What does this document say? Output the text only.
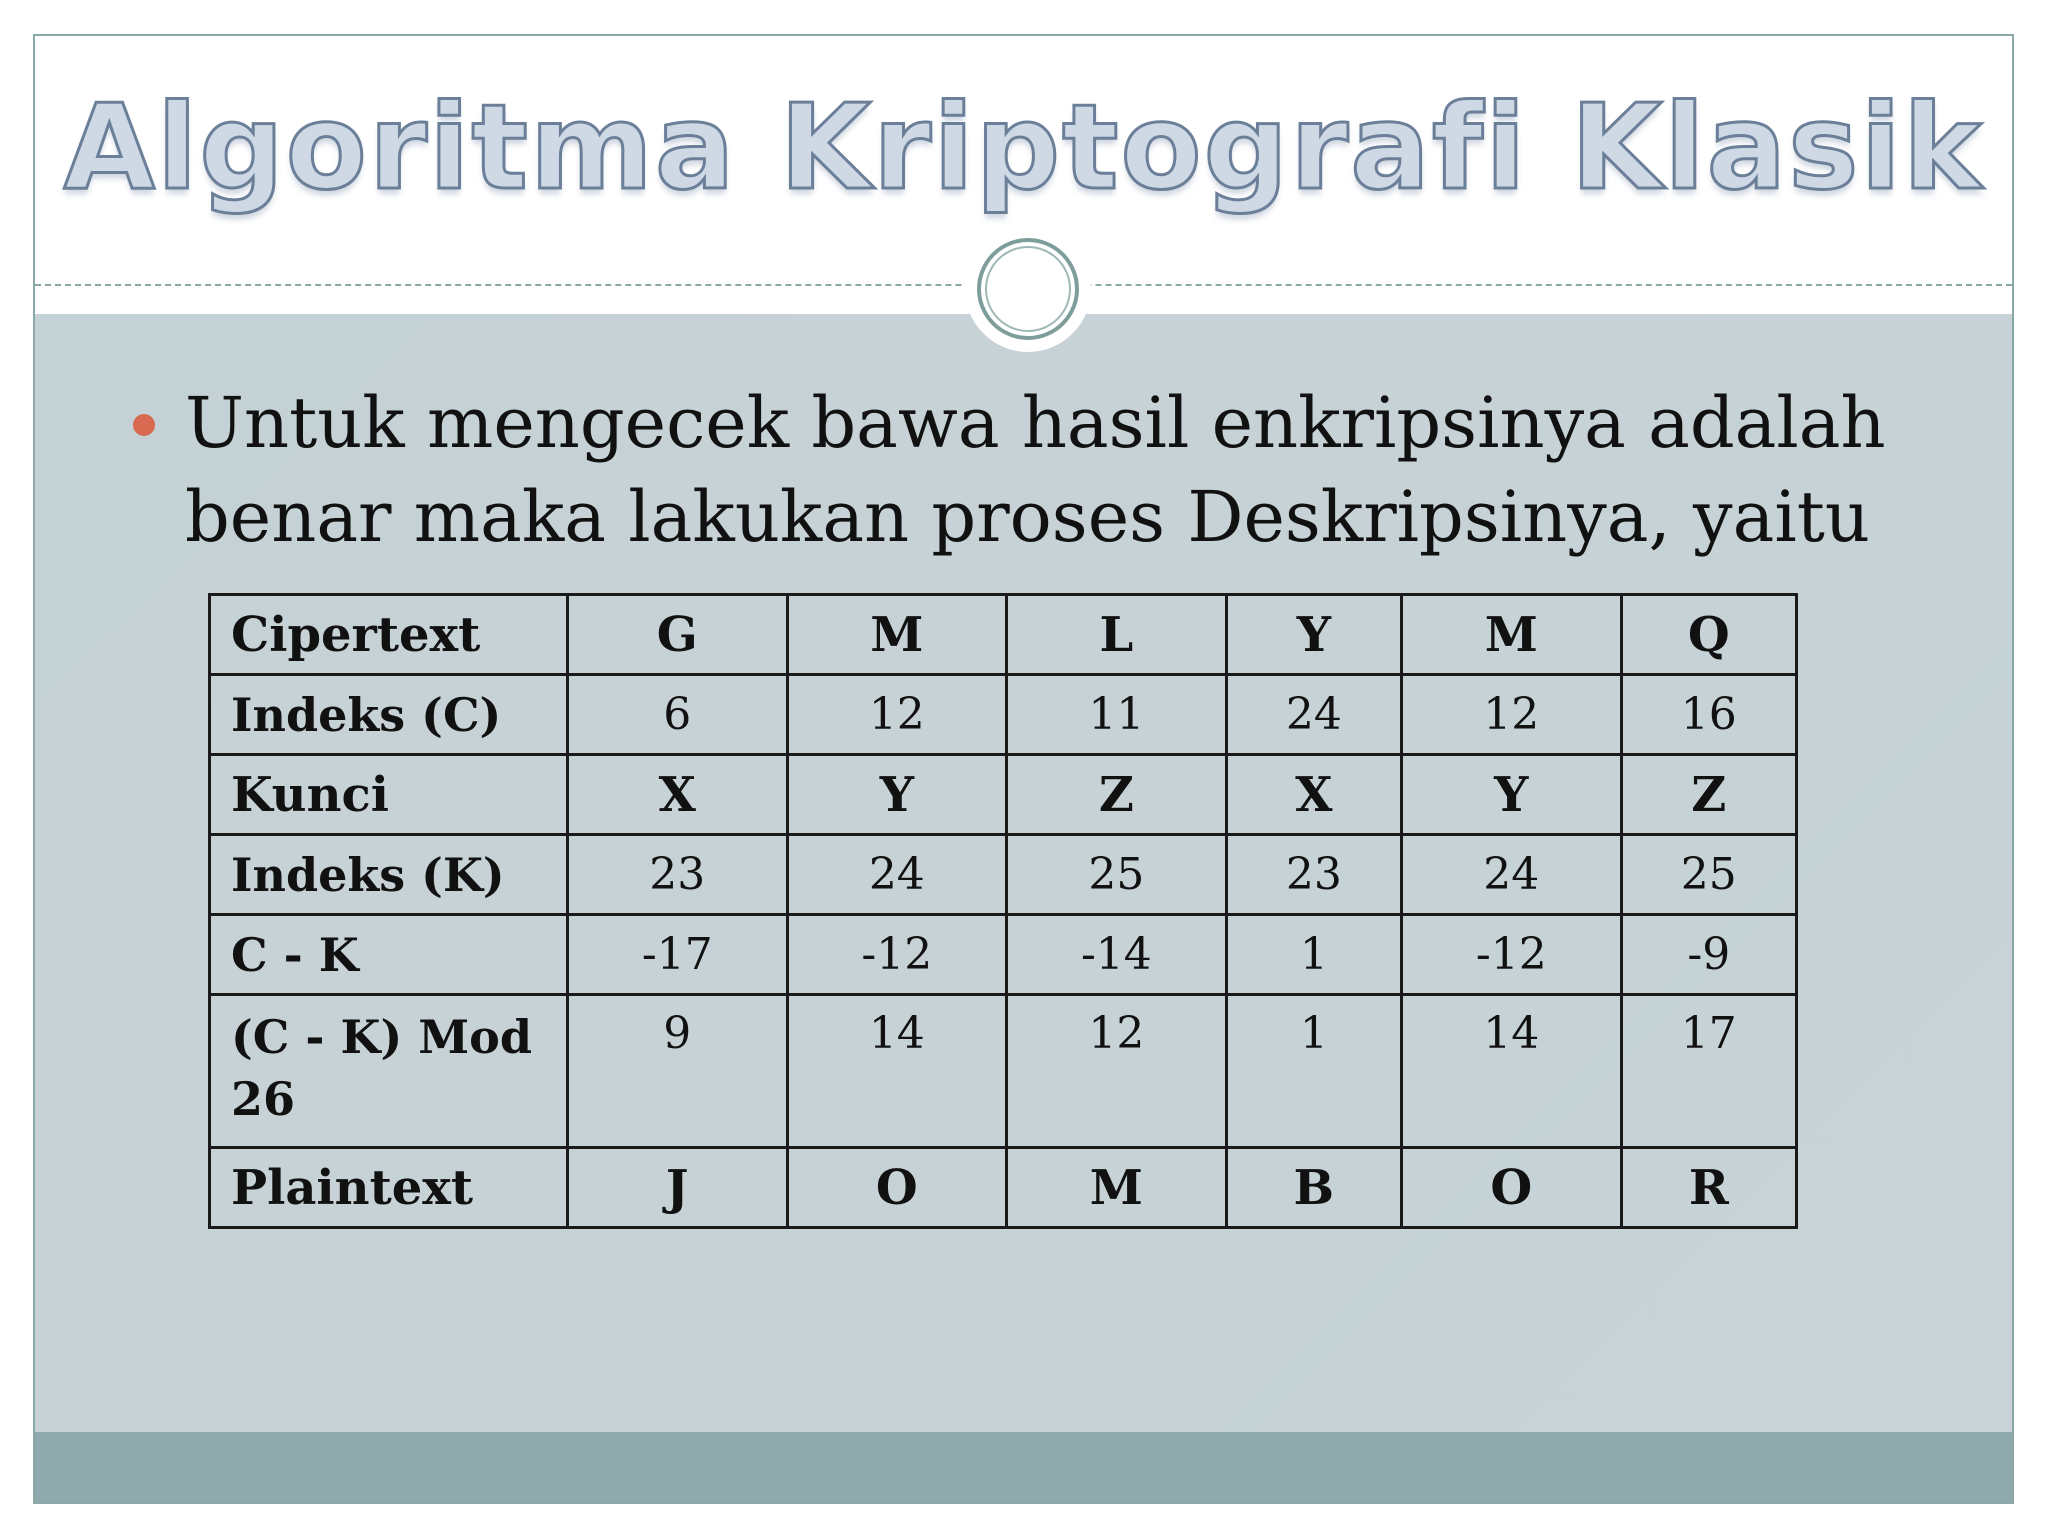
Algoritma Kriptografi Klasik

Untuk mengecek bawa hasil enkripsinya adalah benar maka lakukan proses Deskripsinya, yaitu

Cipertext	G	M	L	Y	M	Q
Indeks (C)	6	12	11	24	12	16
Kunci	X	Y	Z	X	Y	Z
Indeks (K)	23	24	25	23	24	25
C - K	-17	-12	-14	1	-12	-9
(C - K) Mod 26	9	14	12	1	14	17
Plaintext	J	O	M	B	O	R
